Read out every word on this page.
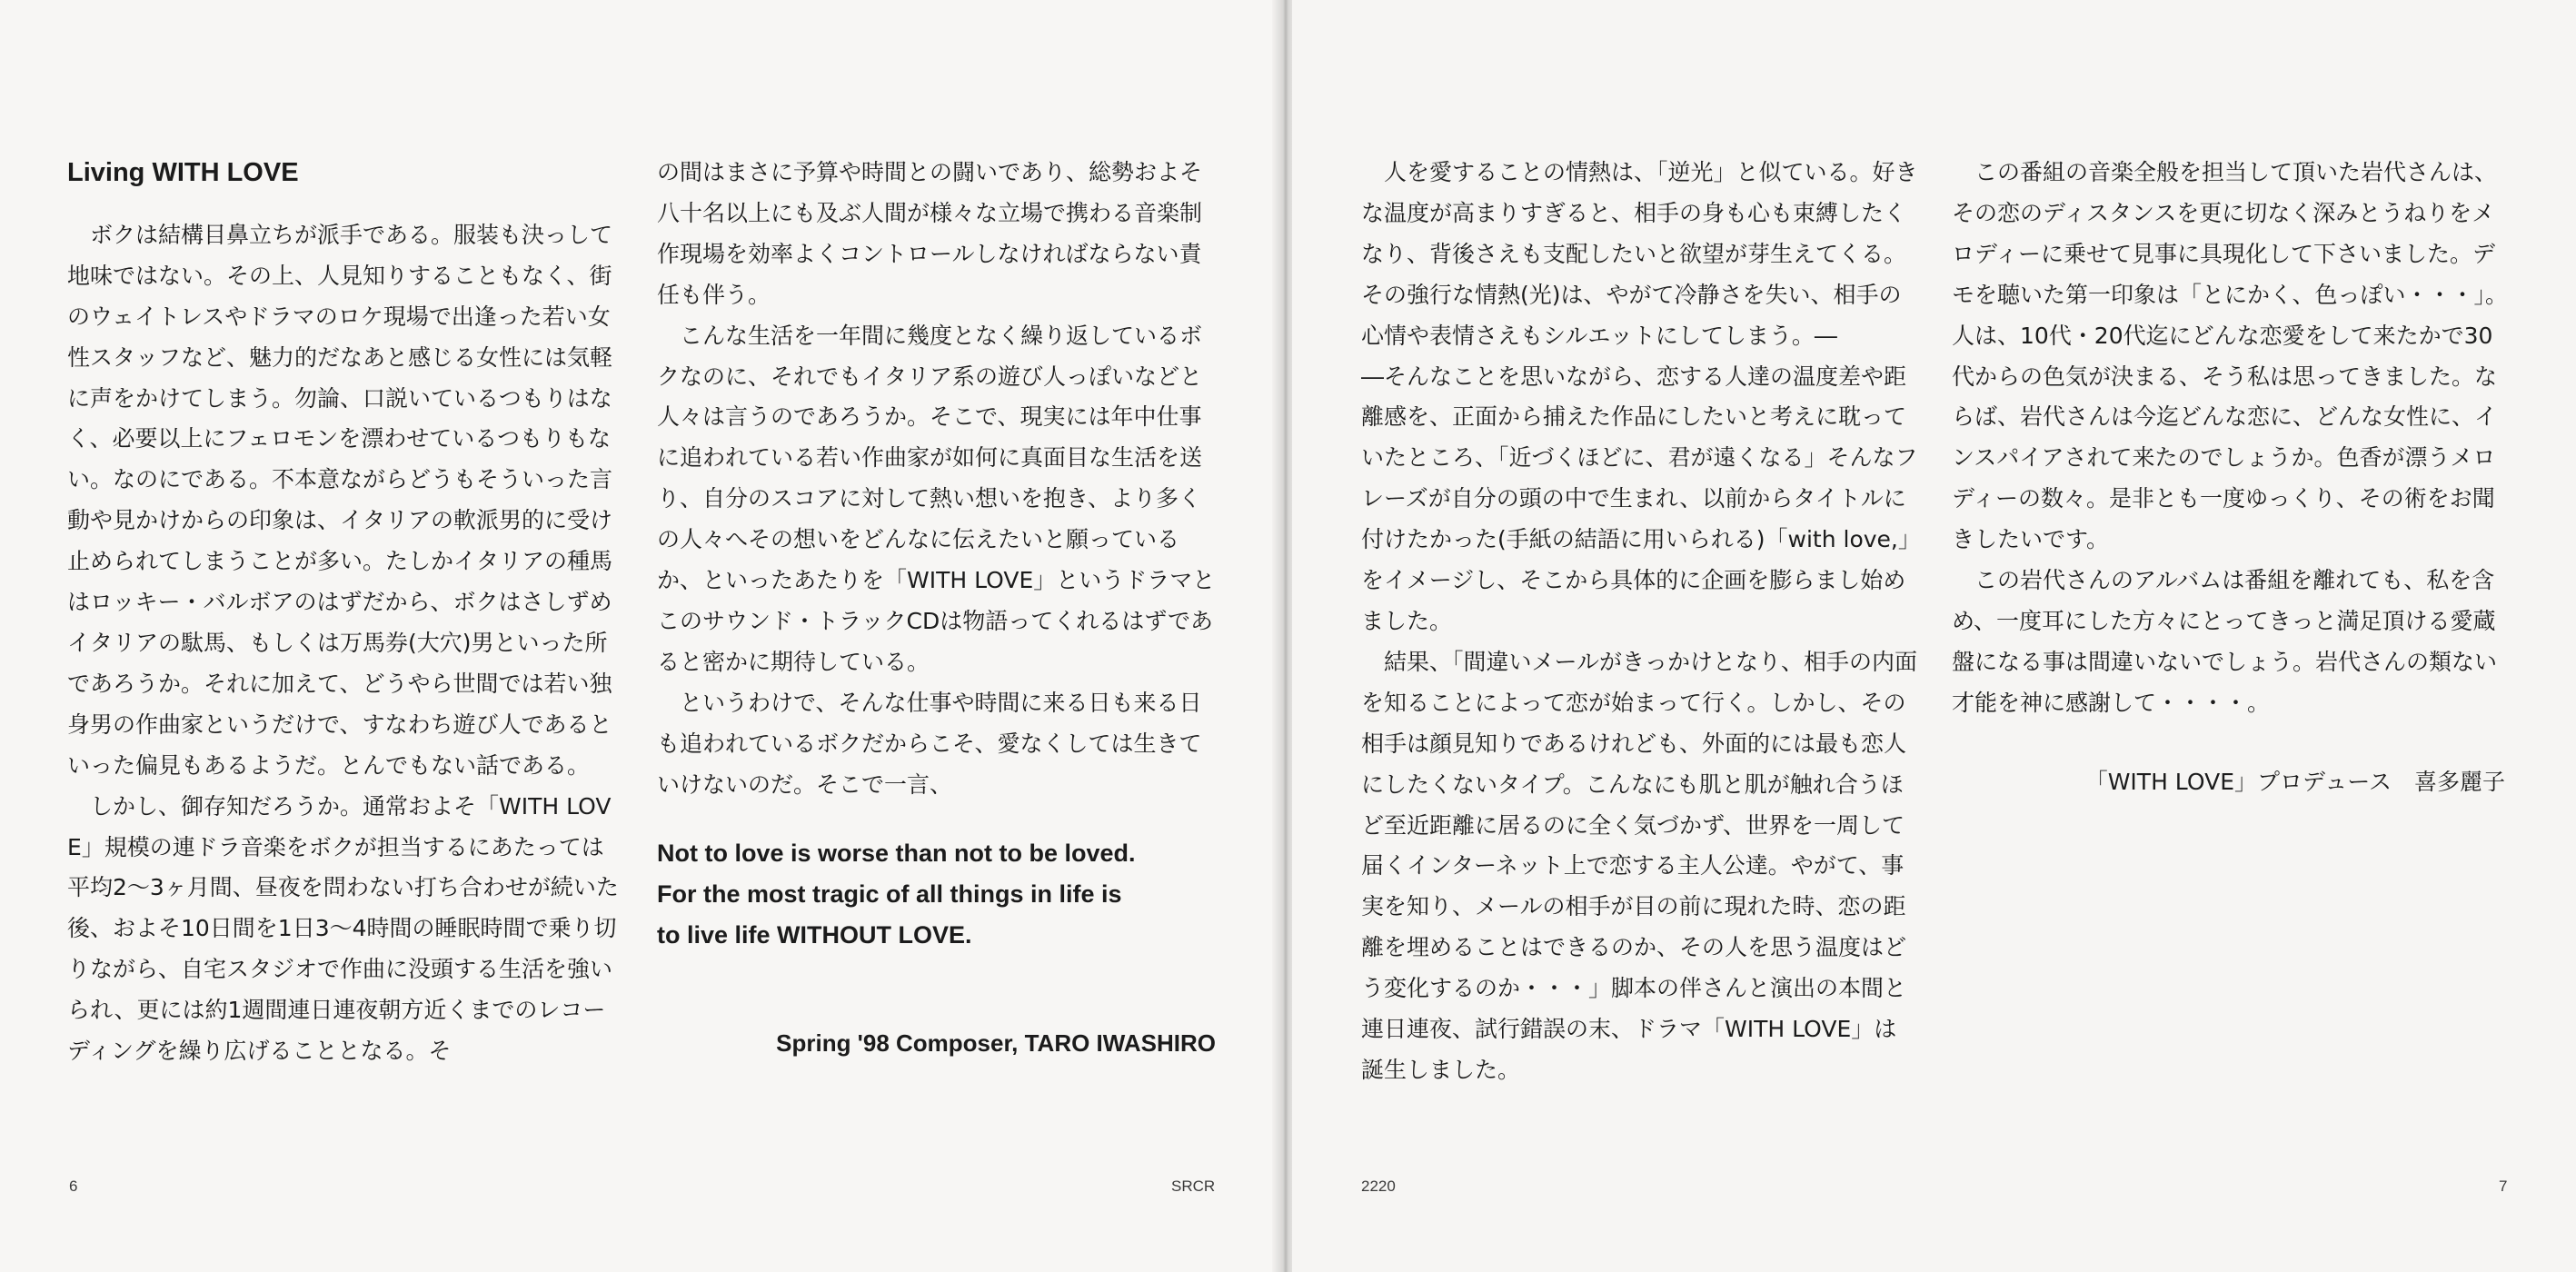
Living WITH LOVE

ボクは結構目鼻立ちが派手である。服装も決っして地味ではない。その上、人見知りすることもなく、街のウェイトレスやドラマのロケ現場で出逢った若い女性スタッフなど、魅力的だなあと感じる女性には気軽に声をかけてしまう。勿論、口説いているつもりはなく、必要以上にフェロモンを漂わせているつもりもない。なのにである。不本意ながらどうもそういった言動や見かけからの印象は、イタリアの軟派男的に受け止められてしまうことが多い。たしかイタリアの種馬はロッキー・バルボアのはずだから、ボクはさしずめイタリアの駄馬、もしくは万馬券(大穴)男といった所であろうか。それに加えて、どうやら世間では若い独身男の作曲家というだけで、すなわち遊び人であるといった偏見もあるようだ。とんでもない話である。

しかし、御存知だろうか。通常およそ「WITH LOVE」規模の連ドラ音楽をボクが担当するにあたっては平均2〜3ヶ月間、昼夜を問わない打ち合わせが続いた後、およそ10日間を1日3〜4時間の睡眠時間で乗り切りながら、自宅スタジオで作曲に没頭する生活を強いられ、更には約1週間連日連夜朝方近くまでのレコーディングを繰り広げることとなる。そ

の間はまさに予算や時間との闘いであり、総勢およそ八十名以上にも及ぶ人間が様々な立場で携わる音楽制作現場を効率よくコントロールしなければならない責任も伴う。

こんな生活を一年間に幾度となく繰り返しているボクなのに、それでもイタリア系の遊び人っぽいなどと人々は言うのであろうか。そこで、現実には年中仕事に追われている若い作曲家が如何に真面目な生活を送り、自分のスコアに対して熱い想いを抱き、より多くの人々へその想いをどんなに伝えたいと願っているか、といったあたりを「WITH LOVE」というドラマとこのサウンド・トラックCDは物語ってくれるはずであると密かに期待している。

というわけで、そんな仕事や時間に来る日も来る日も追われているボクだからこそ、愛なくしては生きていけないのだ。そこで一言、

Not to love is worse than not to be loved.
For the most tragic of all things in life is
to live life WITHOUT LOVE.
Spring '98 Composer, TARO IWASHIRO
6	SRCR

人を愛することの情熱は、「逆光」と似ている。好きな温度が高まりすぎると、相手の身も心も束縛したくなり、背後さえも支配したいと欲望が芽生えてくる。その強行な情熱(光)は、やがて冷静さを失い、相手の心情や表情さえもシルエットにしてしまう。―

―そんなことを思いながら、恋する人達の温度差や距離感を、正面から捕えた作品にしたいと考えに耽っていたところ、「近づくほどに、君が遠くなる」そんなフレーズが自分の頭の中で生まれ、以前からタイトルに付けたかった(手紙の結語に用いられる)「with love,」をイメージし、そこから具体的に企画を膨らまし始めました。

結果、「間違いメールがきっかけとなり、相手の内面を知ることによって恋が始まって行く。しかし、その相手は顔見知りであるけれども、外面的には最も恋人にしたくないタイプ。こんなにも肌と肌が触れ合うほど至近距離に居るのに全く気づかず、世界を一周して届くインターネット上で恋する主人公達。やがて、事実を知り、メールの相手が目の前に現れた時、恋の距離を埋めることはできるのか、その人を思う温度はどう変化するのか・・・」脚本の伴さんと演出の本間と連日連夜、試行錯誤の末、ドラマ「WITH LOVE」は誕生しました。

この番組の音楽全般を担当して頂いた岩代さんは、その恋のディスタンスを更に切なく深みとうねりをメロディーに乗せて見事に具現化して下さいました。デモを聴いた第一印象は「とにかく、色っぽい・・・」。人は、10代・20代迄にどんな恋愛をして来たかで30代からの色気が決まる、そう私は思ってきました。ならば、岩代さんは今迄どんな恋に、どんな女性に、インスパイアされて来たのでしょうか。色香が漂うメロディーの数々。是非とも一度ゆっくり、その術をお聞きしたいです。

この岩代さんのアルバムは番組を離れても、私を含め、一度耳にした方々にとってきっと満足頂ける愛蔵盤になる事は間違いないでしょう。岩代さんの類ない才能を神に感謝して・・・・。

「WITH LOVE」プロデュース　喜多麗子
2220	7
